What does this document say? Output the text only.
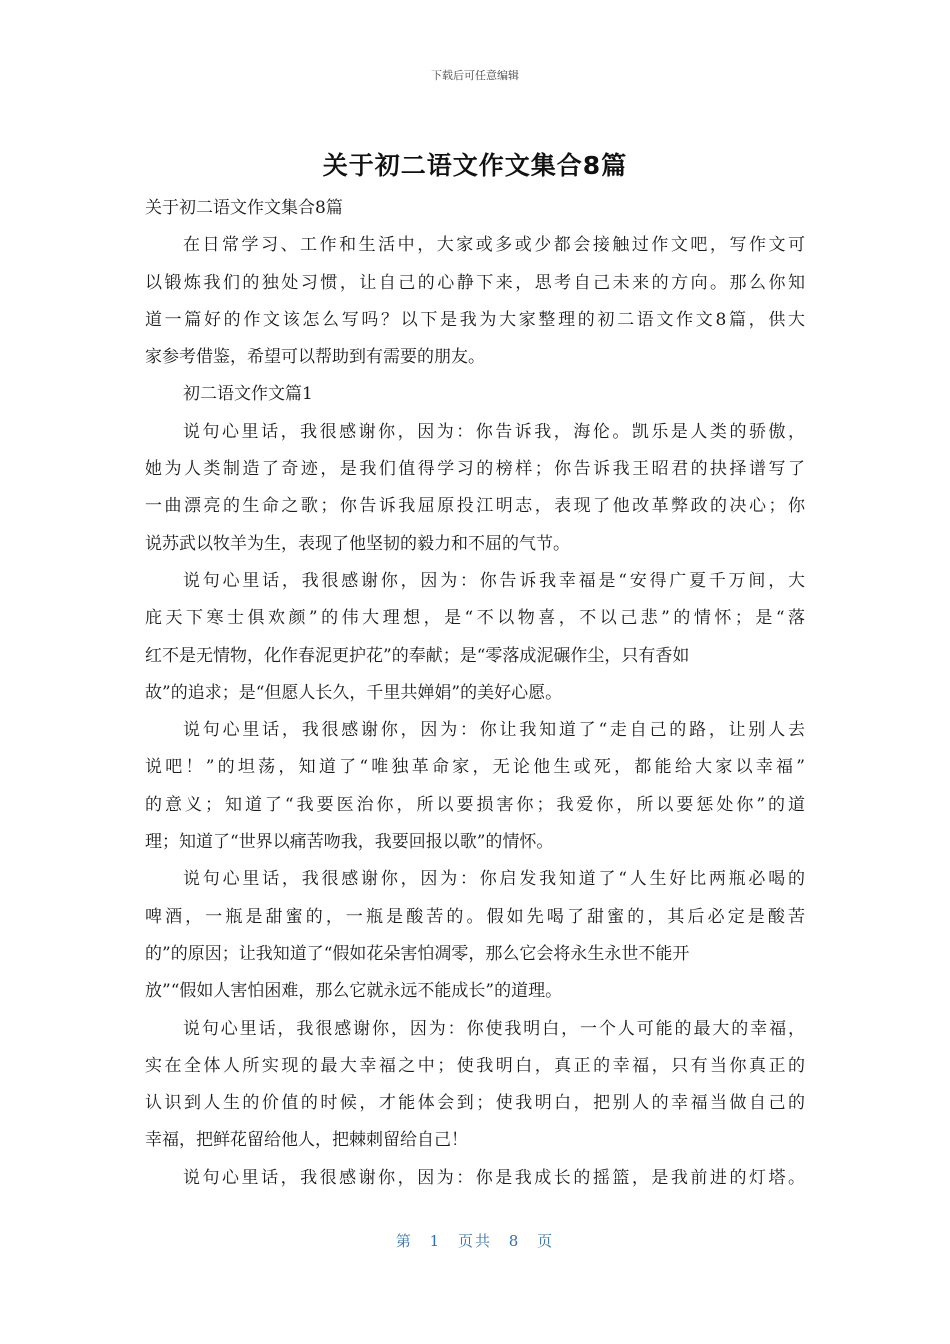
下载后可任意编辑
关于初二语文作文集合8篇
关于初二语文作文集合8篇
在日常学习、工作和生活中，大家或多或少都会接触过作文吧，写作文可
以锻炼我们的独处习惯，让自己的心静下来，思考自己未来的方向。那么你知
道一篇好的作文该怎么写吗？以下是我为大家整理的初二语文作文8篇，供大
家参考借鉴，希望可以帮助到有需要的朋友。
初二语文作文篇1
说句心里话，我很感谢你，因为：你告诉我，海伦。凯乐是人类的骄傲，
她为人类制造了奇迹，是我们值得学习的榜样；你告诉我王昭君的抉择谱写了
一曲漂亮的生命之歌；你告诉我屈原投江明志，表现了他改革弊政的决心；你
说苏武以牧羊为生，表现了他坚韧的毅力和不屈的气节。
说句心里话，我很感谢你，因为：你告诉我幸福是“安得广夏千万间，大
庇天下寒士俱欢颜”的伟大理想，是“不以物喜，不以己悲”的情怀；是“落
红不是无情物，化作春泥更护花”的奉献；是“零落成泥碾作尘，只有香如
故”的追求；是“但愿人长久，千里共婵娟”的美好心愿。
说句心里话，我很感谢你，因为：你让我知道了“走自己的路，让别人去
说吧！”的坦荡，知道了“唯独革命家，无论他生或死，都能给大家以幸福”
的意义；知道了“我要医治你，所以要损害你；我爱你，所以要惩处你”的道
理；知道了“世界以痛苦吻我，我要回报以歌”的情怀。
说句心里话，我很感谢你，因为：你启发我知道了“人生好比两瓶必喝的
啤酒，一瓶是甜蜜的，一瓶是酸苦的。假如先喝了甜蜜的，其后必定是酸苦
的”的原因；让我知道了“假如花朵害怕凋零，那么它会将永生永世不能开
放”“假如人害怕困难，那么它就永远不能成长”的道理。
说句心里话，我很感谢你，因为：你使我明白，一个人可能的最大的幸福，
实在全体人所实现的最大幸福之中；使我明白，真正的幸福，只有当你真正的
认识到人生的价值的时候，才能体会到；使我明白，把别人的幸福当做自己的
幸福，把鲜花留给他人，把棘刺留给自己！
说句心里话，我很感谢你，因为：你是我成长的摇篮，是我前进的灯塔。
第 1 页共 8 页
